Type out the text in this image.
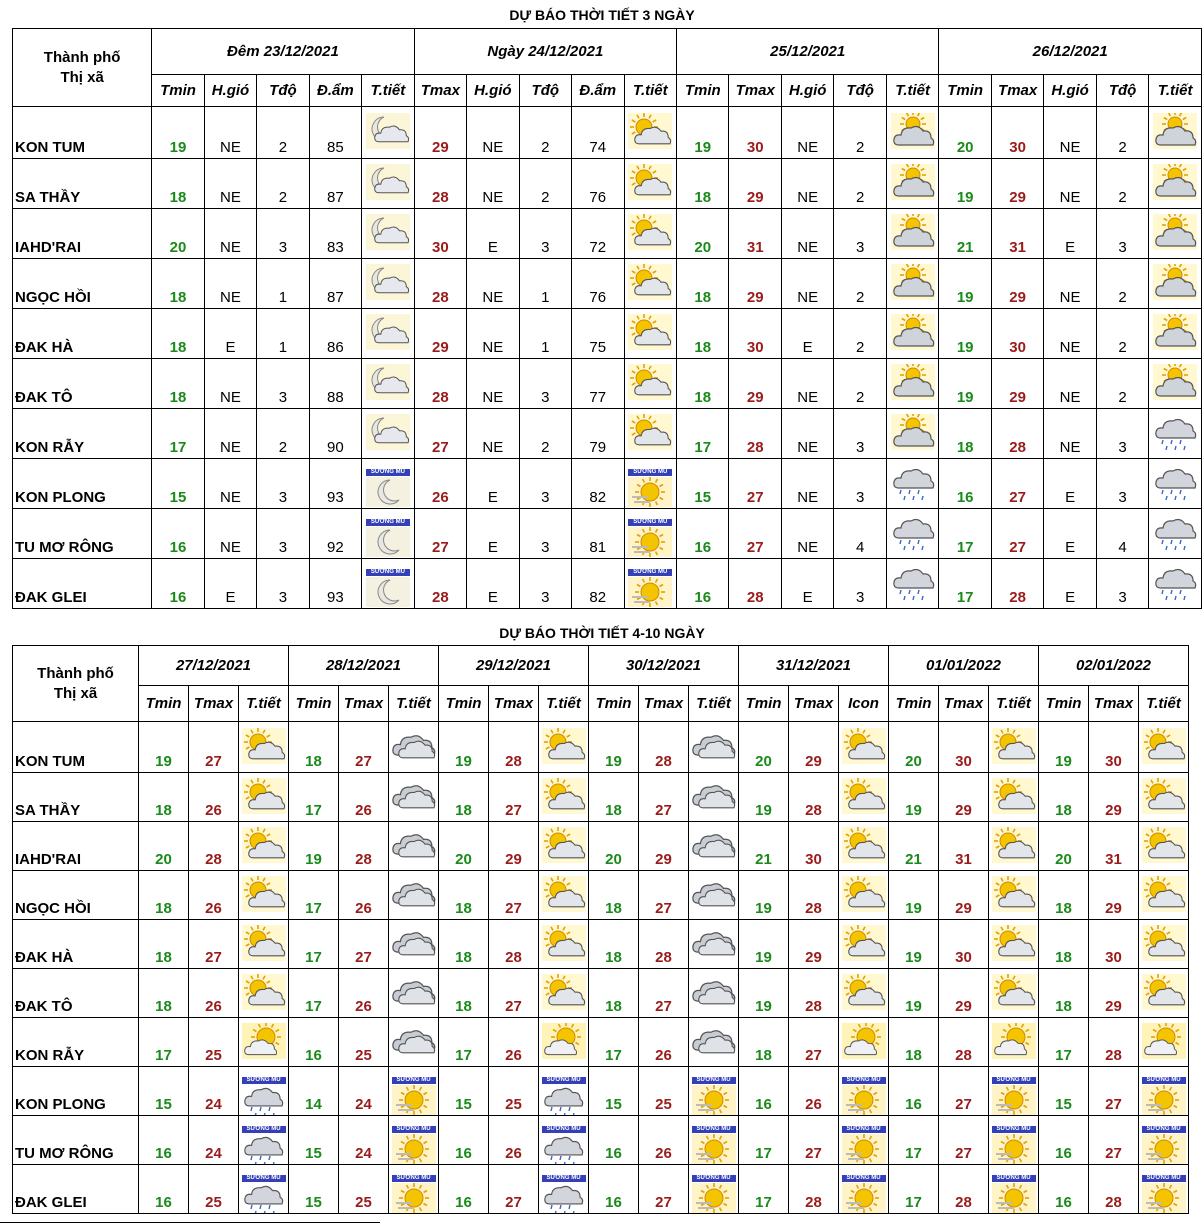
DỰ BÁO THỜI TIẾT 3 NGÀY
Thành phố
Thị xã	Đêm 23/12/2021					Ngày 24/12/2021					25/12/2021					26/12/2021				
	Tmin	H.gió	Tđộ	Đ.ẩm	T.tiết	Tmax	H.gió	Tđộ	Đ.ẩm	T.tiết	Tmin	Tmax	H.gió	Tđộ	T.tiết	Tmin	Tmax	H.gió	Tđộ	T.tiết
KON TUM	19	NE	2	85		29	NE	2	74		19	30	NE	2		20	30	NE	2	

SA THẦY	18	NE	2	87		28	NE	2	76		18	29	NE	2		19	29	NE	2	

IAHD'RAI	20	NE	3	83		30	E	3	72		20	31	NE	3		21	31	E	3	

NGỌC HỒI	18	NE	1	87		28	NE	1	76		18	29	NE	2		19	29	NE	2	

ĐAK HÀ	18	E	1	86		29	NE	1	75		18	30	E	2		19	30	NE	2	

ĐAK TÔ	18	NE	3	88		28	NE	3	77		18	29	NE	2		19	29	NE	2	

KON RẪY	17	NE	2	90		27	NE	2	79		17	28	NE	3		18	28	NE	3	

KON PLONG	15	NE	3	93	SƯƠNG MÙ	26	E	3	82	SƯƠNG MÙ	15	27	NE	3		16	27	E	3	

TU MƠ RÔNG	16	NE	3	92	SƯƠNG MÙ	27	E	3	81	SƯƠNG MÙ	16	27	NE	4		17	27	E	4	

ĐAK GLEI	16	E	3	93	SƯƠNG MÙ	28	E	3	82	SƯƠNG MÙ	16	28	E	3		17	28	E	3	
DỰ BÁO THỜI TIẾT 4-10 NGÀY
Thành phố
Thị xã	27/12/2021			28/12/2021			29/12/2021			30/12/2021			31/12/2021			01/01/2022			02/01/2022		
	Tmin	Tmax	T.tiết	Tmin	Tmax	T.tiết	Tmin	Tmax	T.tiết	Tmin	Tmax	T.tiết	Tmin	Tmax	Icon	Tmin	Tmax	T.tiết	Tmin	Tmax	T.tiết
KON TUM	19	27		18	27		19	28		19	28		20	29		20	30		19	30	

SA THẦY	18	26		17	26		18	27		18	27		19	28		19	29		18	29	

IAHD'RAI	20	28		19	28		20	29		20	29		21	30		21	31		20	31	

NGỌC HỒI	18	26		17	26		18	27		18	27		19	28		19	29		18	29	

ĐAK HÀ	18	27		17	27		18	28		18	28		19	29		19	30		18	30	

ĐAK TÔ	18	26		17	26		18	27		18	27		19	28		19	29		18	29	

KON RẪY	17	25		16	25		17	26		17	26		18	27		18	28		17	28	

KON PLONG	15	24	SƯƠNG MÙ	14	24	SƯƠNG MÙ	15	25	SƯƠNG MÙ	15	25	SƯƠNG MÙ	16	26	SƯƠNG MÙ	16	27	SƯƠNG MÙ	15	27	SƯƠNG MÙ

TU MƠ RÔNG	16	24	SƯƠNG MÙ	15	24	SƯƠNG MÙ	16	26	SƯƠNG MÙ	16	26	SƯƠNG MÙ	17	27	SƯƠNG MÙ	17	27	SƯƠNG MÙ	16	27	SƯƠNG MÙ

ĐAK GLEI	16	25	SƯƠNG MÙ	15	25	SƯƠNG MÙ	16	27	SƯƠNG MÙ	16	27	SƯƠNG MÙ	17	28	SƯƠNG MÙ	17	28	SƯƠNG MÙ	16	28	SƯƠNG MÙ
